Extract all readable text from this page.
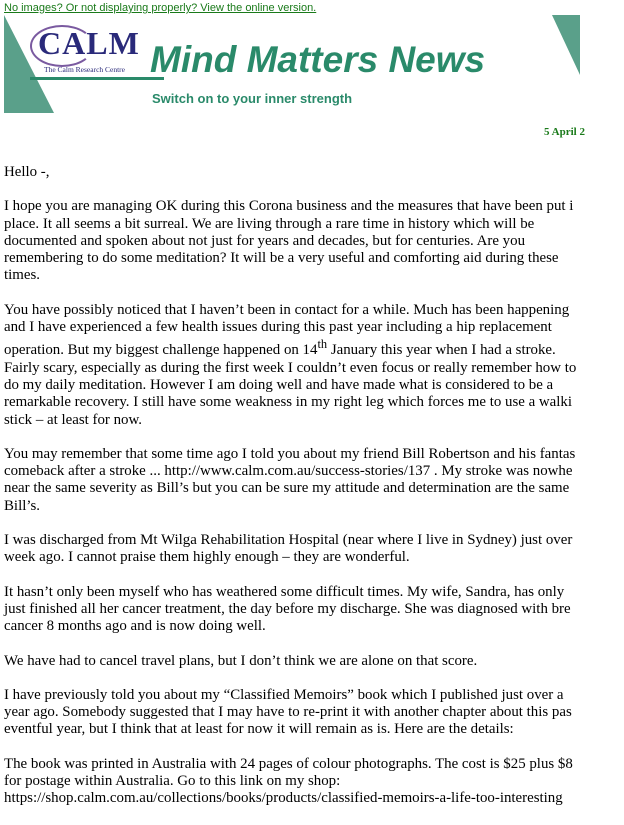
No images? Or not displaying properly? View the online version.
CALM
The Calm Research Centre Mind Matters News
Switch on to your inner strength
5 April 2

Hello -,

I hope you are managing OK during this Corona business and the measures that have been put i
place. It all seems a bit surreal. We are living through a rare time in history which will be
documented and spoken about not just for years and decades, but for centuries. Are you
remembering to do some meditation? It will be a very useful and comforting aid during these
times.

You have possibly noticed that I haven’t been in contact for a while. Much has been happening
and I have experienced a few health issues during this past year including a hip replacement
operation. But my biggest challenge happened on 14th January this year when I had a stroke.
Fairly scary, especially as during the first week I couldn’t even focus or really remember how to
do my daily meditation. However I am doing well and have made what is considered to be a
remarkable recovery. I still have some weakness in my right leg which forces me to use a walki
stick – at least for now.

You may remember that some time ago I told you about my friend Bill Robertson and his fantas
comeback after a stroke ... http://www.calm.com.au/success-stories/137 . My stroke was nowhe
near the same severity as Bill’s but you can be sure my attitude and determination are the same
Bill’s.

I was discharged from Mt Wilga Rehabilitation Hospital (near where I live in Sydney) just over
week ago. I cannot praise them highly enough – they are wonderful.

It hasn’t only been myself who has weathered some difficult times. My wife, Sandra, has only
just finished all her cancer treatment, the day before my discharge. She was diagnosed with bre
cancer 8 months ago and is now doing well.

We have had to cancel travel plans, but I don’t think we are alone on that score.

I have previously told you about my “Classified Memoirs” book which I published just over a
year ago. Somebody suggested that I may have to re-print it with another chapter about this pas
eventful year, but I think that at least for now it will remain as is. Here are the details:

The book was printed in Australia with 24 pages of colour photographs. The cost is $25 plus $8
for postage within Australia. Go to this link on my shop:
https://shop.calm.com.au/collections/books/products/classified-memoirs-a-life-too-interesting
